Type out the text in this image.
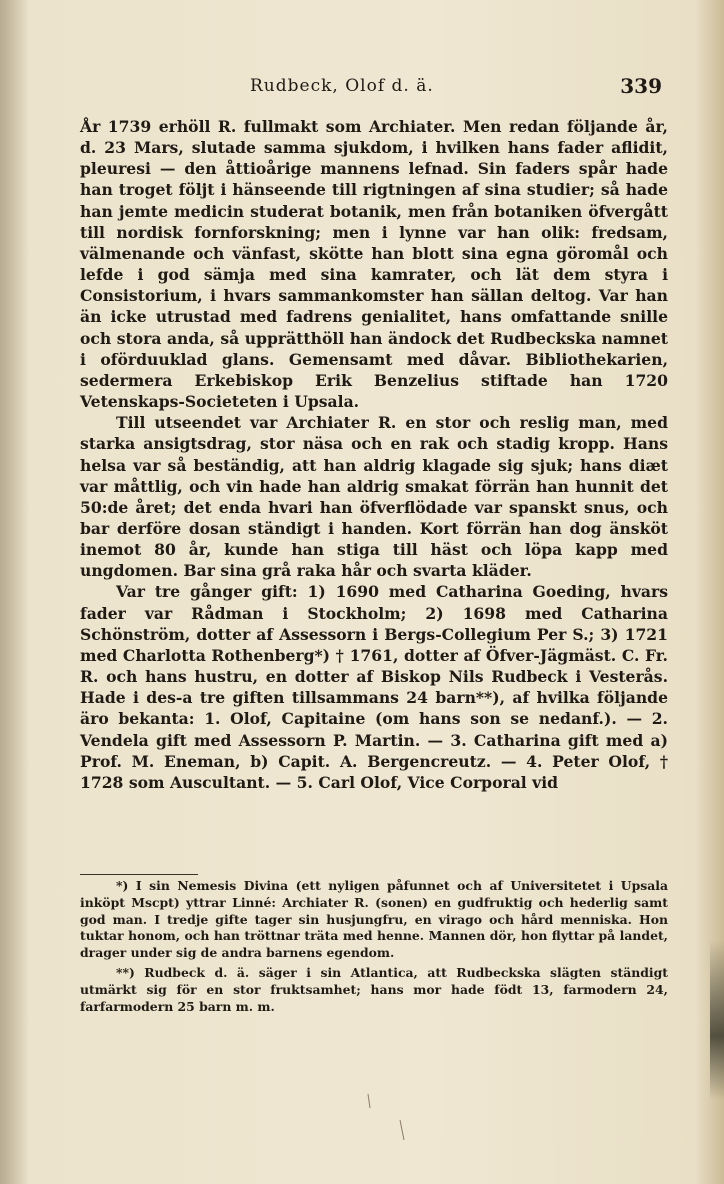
Rudbeck, Olof d. ä.	339

År 1739 erhöll R. fullmakt som Archiater. Men redan följande år, d. 23 Mars, slutade samma sjukdom, i hvilken hans fader aflidit, pleuresi — den åttioårige mannens lefnad. Sin faders spår hade han troget följt i hänseende till rigtningen af sina studier; så hade han jemte medicin studerat botanik, men från botaniken öfvergått till nordisk fornforskning; men i lynne var han olik: fredsam, välmenande och vänfast, skötte han blott sina egna göromål och lefde i god sämja med sina kamrater, och lät dem styra i Consistorium, i hvars sammankomster han sällan deltog. Var han än icke utrustad med fadrens genialitet, hans omfattande snille och stora anda, så upprätthöll han ändock det Rudbeckska namnet i oförduuklad glans. Gemensamt med dåvar. Bibliothekarien, sedermera Erkebiskop Erik Benzelius stiftade han 1720 Vetenskaps-Societeten i Upsala.

Till utseendet var Archiater R. en stor och reslig man, med starka ansigtsdrag, stor näsa och en rak och stadig kropp. Hans helsa var så beständig, att han aldrig klagade sig sjuk; hans diæt var måttlig, och vin hade han aldrig smakat förrän han hunnit det 50:de året; det enda hvari han öfverflödade var spanskt snus, och bar derföre dosan ständigt i handen. Kort förrän han dog änsköt inemot 80 år, kunde han stiga till häst och löpa kapp med ungdomen. Bar sina grå raka hår och svarta kläder.

Var tre gånger gift: 1) 1690 med Catharina Goeding, hvars fader var Rådman i Stockholm; 2) 1698 med Catharina Schönström, dotter af Assessorn i Bergs-Collegium Per S.; 3) 1721 med Charlotta Rothenberg*) † 1761, dotter af Öfver-Jägmäst. C. Fr. R. och hans hustru, en dotter af Biskop Nils Rudbeck i Vesterås. Hade i des-a tre giften tillsammans 24 barn**), af hvilka följande äro bekanta: 1. Olof, Capitaine (om hans son se nedanf.). — 2. Vendela gift med Assessorn P. Martin. — 3. Catharina gift med a) Prof. M. Eneman, b) Capit. A. Bergencreutz. — 4. Peter Olof, † 1728 som Auscultant. — 5. Carl Olof, Vice Corporal vid

*) I sin Nemesis Divina (ett nyligen påfunnet och af Universitetet i Upsala inköpt Mscpt) yttrar Linné: Archiater R. (sonen) en gudfruktig och hederlig samt god man. I tredje gifte tager sin husjungfru, en virago och hård menniska. Hon tuktar honom, och han tröttnar träta med henne. Mannen dör, hon flyttar på landet, drager under sig de andra barnens egendom.

**) Rudbeck d. ä. säger i sin Atlantica, att Rudbeckska slägten ständigt utmärkt sig för en stor fruktsamhet; hans mor hade födt 13, farmodern 24, farfarmodern 25 barn m. m.
